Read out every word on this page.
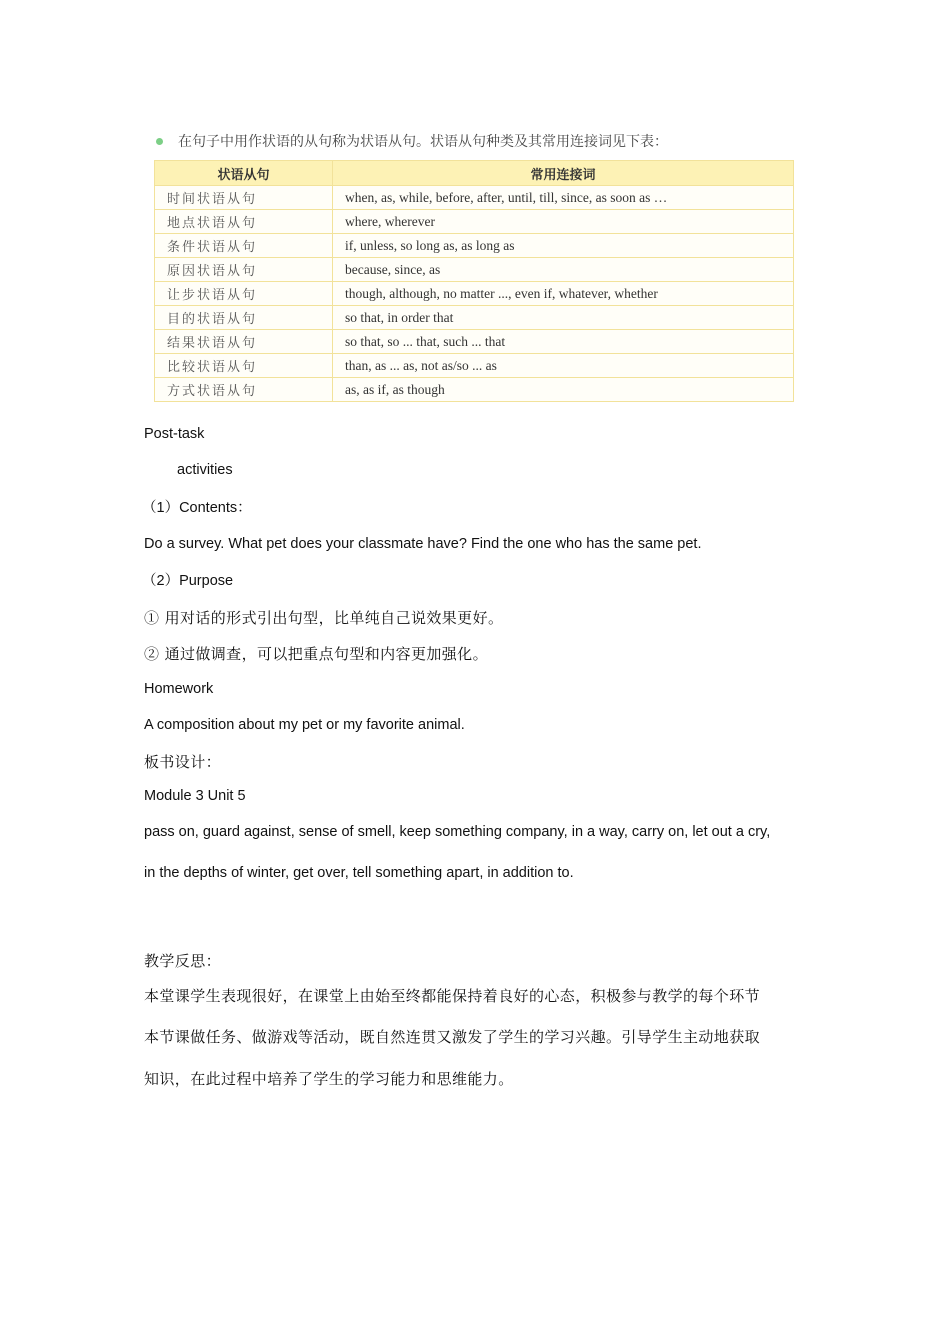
在句子中用作状语的从句称为状语从句。状语从句种类及其常用连接词见下表：
状语从句	常用连接词
时间状语从句	when, as, while, before, after, until, till, since, as soon as …
地点状语从句	where, wherever
条件状语从句	if, unless, so long as, as long as
原因状语从句	because, since, as
让步状语从句	though, although, no matter ..., even if, whatever, whether
目的状语从句	so that, in order that
结果状语从句	so that, so ... that, such ... that
比较状语从句	than, as ... as, not as/so ... as
方式状语从句	as, as if, as though
Post-task
activities
（1）Contents：
Do a survey. What pet does your classmate have? Find the one who has the same pet.
（2）Purpose
① 用对话的形式引出句型，比单纯自己说效果更好。
② 通过做调查，可以把重点句型和内容更加强化。
Homework
A composition about my pet or my favorite animal.
板书设计：
Module 3 Unit 5
pass on, guard against, sense of smell, keep something company, in a way, carry on, let out a cry,
in the depths of winter, get over, tell something apart, in addition to.
教学反思：
本堂课学生表现很好，在课堂上由始至终都能保持着良好的心态，积极参与教学的每个环节
本节课做任务、做游戏等活动，既自然连贯又激发了学生的学习兴趣。引导学生主动地获取
知识，在此过程中培养了学生的学习能力和思维能力。
